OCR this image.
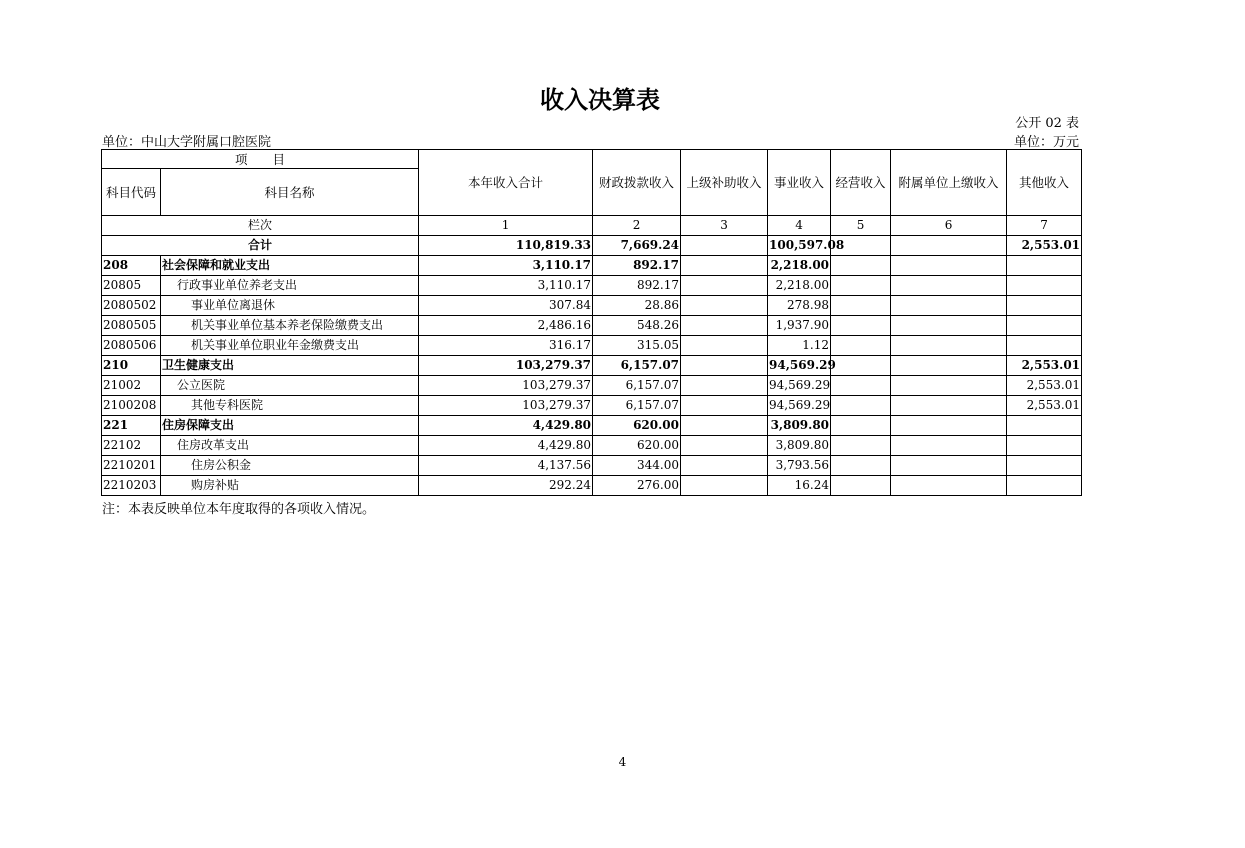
收入决算表
公开 02 表
单位：中山大学附属口腔医院	单位：万元
项　　目		本年收入合计	财政拨款收入	上级补助收入	事业收入	经营收入	附属单位上缴收入	其他收入
科目代码	科目名称							
栏次		1	2	3	4	5	6	7
合计		110,819.33	7,669.24		100,597.08			2,553.01
208	社会保障和就业支出	3,110.17	892.17		2,218.00			
20805	行政事业单位养老支出	3,110.17	892.17		2,218.00			
2080502	事业单位离退休	307.84	28.86		278.98			
2080505	机关事业单位基本养老保险缴费支出	2,486.16	548.26		1,937.90			
2080506	机关事业单位职业年金缴费支出	316.17	315.05		1.12			
210	卫生健康支出	103,279.37	6,157.07		94,569.29			2,553.01
21002	公立医院	103,279.37	6,157.07		94,569.29			2,553.01
2100208	其他专科医院	103,279.37	6,157.07		94,569.29			2,553.01
221	住房保障支出	4,429.80	620.00		3,809.80			
22102	住房改革支出	4,429.80	620.00		3,809.80			
2210201	住房公积金	4,137.56	344.00		3,793.56			
2210203	购房补贴	292.24	276.00		16.24			
注：本表反映单位本年度取得的各项收入情况。
4
